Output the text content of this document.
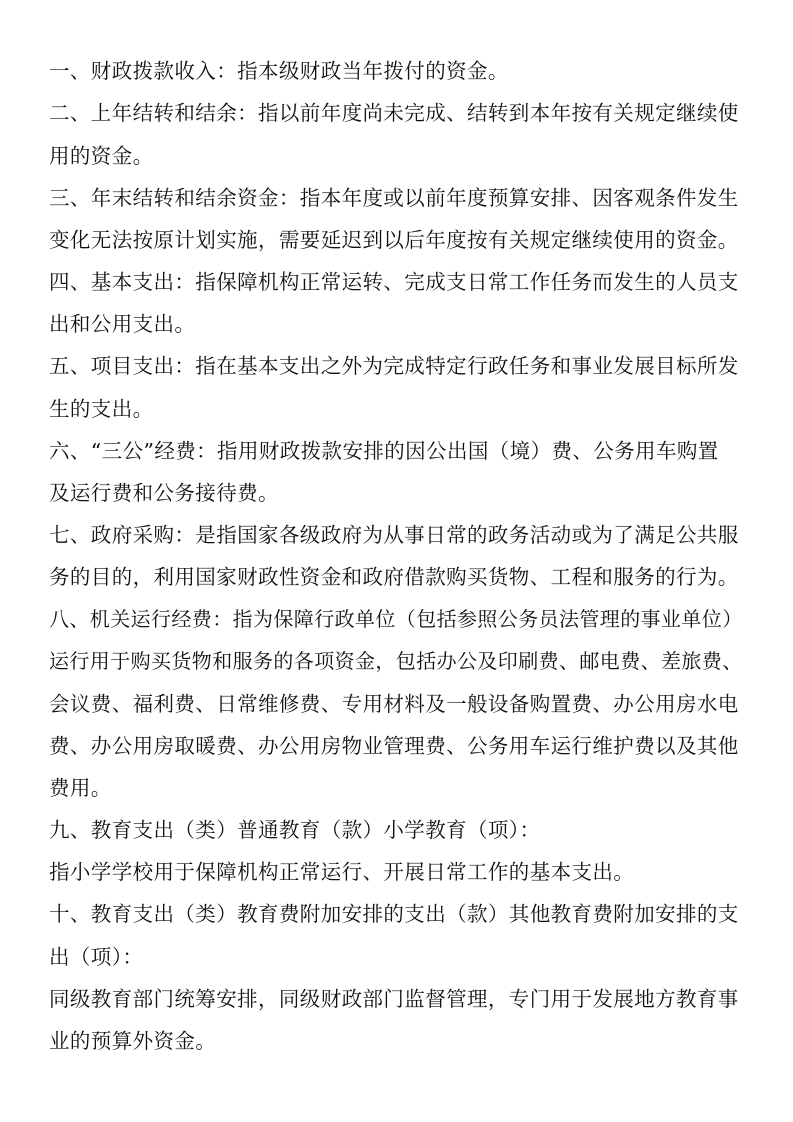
一、财政拨款收入：指本级财政当年拨付的资金。
二、上年结转和结余：指以前年度尚未完成、结转到本年按有关规定继续使
用的资金。
三、年末结转和结余资金：指本年度或以前年度预算安排、因客观条件发生
变化无法按原计划实施，需要延迟到以后年度按有关规定继续使用的资金。
四、基本支出：指保障机构正常运转、完成支日常工作任务而发生的人员支
出和公用支出。
五、项目支出：指在基本支出之外为完成特定行政任务和事业发展目标所发
生的支出。
六、“三公”经费：指用财政拨款安排的因公出国（境）费、公务用车购置
及运行费和公务接待费。
七、政府采购：是指国家各级政府为从事日常的政务活动或为了满足公共服
务的目的，利用国家财政性资金和政府借款购买货物、工程和服务的行为。
八、机关运行经费：指为保障行政单位（包括参照公务员法管理的事业单位）
运行用于购买货物和服务的各项资金，包括办公及印刷费、邮电费、差旅费、
会议费、福利费、日常维修费、专用材料及一般设备购置费、办公用房水电
费、办公用房取暖费、办公用房物业管理费、公务用车运行维护费以及其他
费用。
九、教育支出（类）普通教育（款）小学教育（项）：
指小学学校用于保障机构正常运行、开展日常工作的基本支出。
十、教育支出（类）教育费附加安排的支出（款）其他教育费附加安排的支
出（项）：
同级教育部门统筹安排，同级财政部门监督管理，专门用于发展地方教育事
业的预算外资金。
